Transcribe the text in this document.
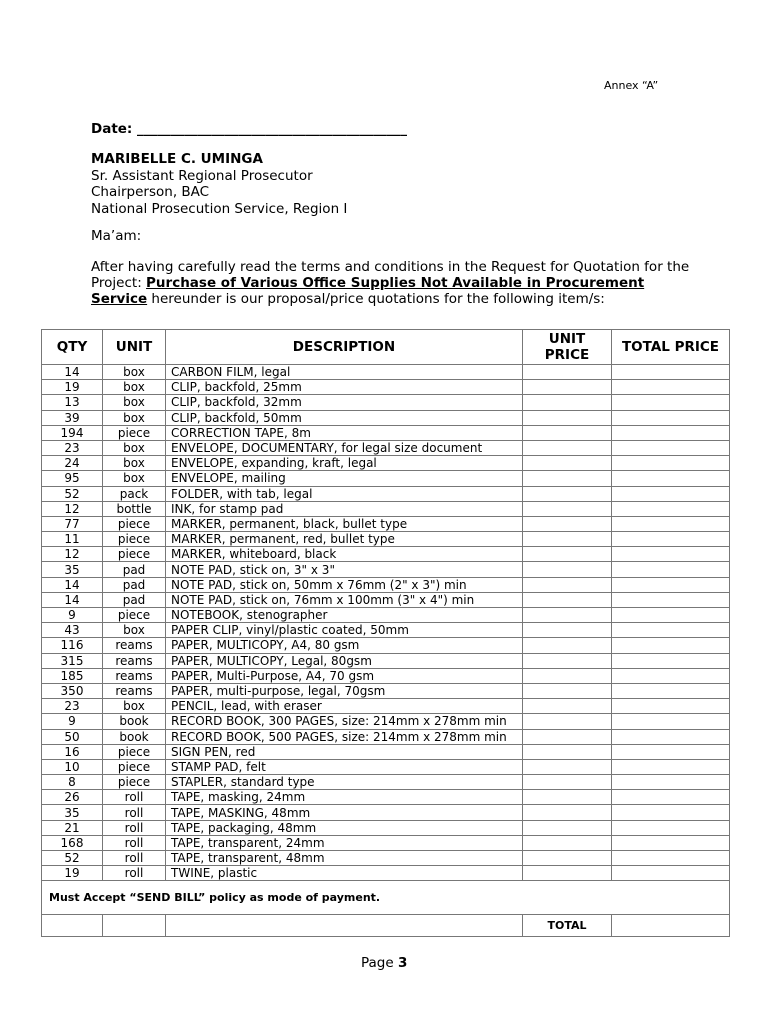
Annex “A”
Date: ________________________________________
MARIBELLE C. UMINGA
Sr. Assistant Regional Prosecutor
Chairperson, BAC
National Prosecution Service, Region I
Ma’am:
After having carefully read the terms and conditions in the Request for Quotation for the Project: Purchase of Various Office Supplies Not Available in Procurement Service hereunder is our proposal/price quotations for the following item/s:
QTY	UNIT	DESCRIPTION	UNIT PRICE	TOTAL PRICE
14	box	CARBON FILM, legal		
19	box	CLIP, backfold, 25mm		
13	box	CLIP, backfold, 32mm		
39	box	CLIP, backfold, 50mm		
194	piece	CORRECTION TAPE, 8m		
23	box	ENVELOPE, DOCUMENTARY, for legal size document		
24	box	ENVELOPE, expanding, kraft, legal		
95	box	ENVELOPE, mailing		
52	pack	FOLDER, with tab, legal		
12	bottle	INK, for stamp pad		
77	piece	MARKER, permanent, black, bullet type		
11	piece	MARKER, permanent, red, bullet type		
12	piece	MARKER, whiteboard, black		
35	pad	NOTE PAD, stick on, 3" x 3"		
14	pad	NOTE PAD, stick on, 50mm x 76mm (2" x 3") min		
14	pad	NOTE PAD, stick on, 76mm x 100mm (3" x 4") min		
9	piece	NOTEBOOK, stenographer		
43	box	PAPER CLIP, vinyl/plastic coated, 50mm		
116	reams	PAPER, MULTICOPY, A4, 80 gsm		
315	reams	PAPER, MULTICOPY, Legal, 80gsm		
185	reams	PAPER, Multi-Purpose, A4, 70 gsm		
350	reams	PAPER, multi-purpose, legal, 70gsm		
23	box	PENCIL, lead, with eraser		
9	book	RECORD BOOK, 300 PAGES, size: 214mm x 278mm min		
50	book	RECORD BOOK, 500 PAGES, size: 214mm x 278mm min		
16	piece	SIGN PEN, red		
10	piece	STAMP PAD, felt		
8	piece	STAPLER, standard type		
26	roll	TAPE, masking, 24mm		
35	roll	TAPE, MASKING, 48mm		
21	roll	TAPE, packaging, 48mm		
168	roll	TAPE, transparent, 24mm		
52	roll	TAPE, transparent, 48mm		
19	roll	TWINE, plastic		
Must Accept “SEND BILL” policy as mode of payment.				
			TOTAL	
Page 3
